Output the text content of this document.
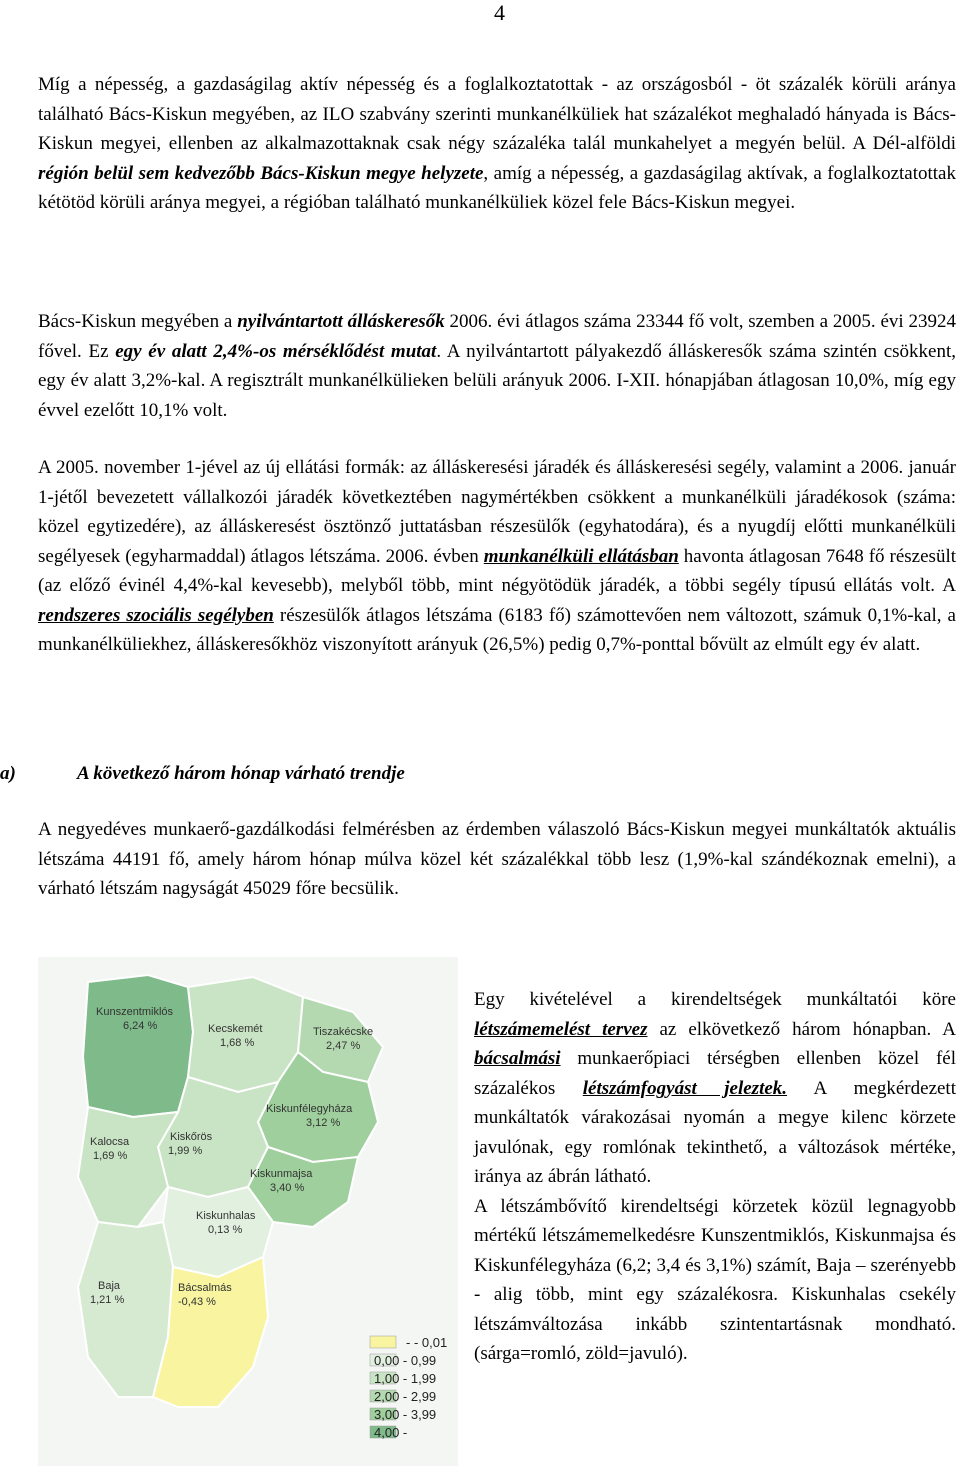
4

Míg a népesség, a gazdaságilag aktív népesség és a foglalkoztatottak - az országosból - öt százalék körüli aránya található Bács-Kiskun megyében, az ILO szabvány szerinti munkanélküliek hat százalékot meghaladó hányada is Bács-Kiskun megyei, ellenben az alkalmazottaknak csak négy százaléka talál munkahelyet a megyén belül. A Dél-alföldi régión belül sem kedvezőbb Bács-Kiskun megye helyzete, amíg a népesség, a gazdaságilag aktívak, a foglalkoztatottak kétötöd körüli aránya megyei, a régióban található munkanélküliek közel fele Bács-Kiskun megyei.

Bács-Kiskun megyében a nyilvántartott álláskeresők 2006. évi átlagos száma 23344 fő volt, szemben a 2005. évi 23924 fővel. Ez egy év alatt 2,4%-os mérséklődést mutat. A nyilvántartott pályakezdő álláskeresők száma szintén csökkent, egy év alatt 3,2%-kal. A regisztrált munkanélkülieken belüli arányuk 2006. I-XII. hónapjában átlagosan 10,0%, míg egy évvel ezelőtt 10,1% volt.

A 2005. november 1-jével az új ellátási formák: az álláskeresési járadék és álláskeresési segély, valamint a 2006. január 1-jétől bevezetett vállalkozói járadék következtében nagymértékben csökkent a munkanélküli járadékosok (száma: közel egytizedére), az álláskeresést ösztönző juttatásban részesülők (egyhatodára), és a nyugdíj előtti munkanélküli segélyesek (egyharmaddal) átlagos létszáma. 2006. évben munkanélküli ellátásban havonta átlagosan 7648 fő részesült (az előző évinél 4,4%-kal kevesebb), melyből több, mint négyötödük járadék, a többi segély típusú ellátás volt. A rendszeres szociális segélyben részesülők átlagos létszáma (6183 fő) számottevően nem változott, számuk 0,1%-kal, a munkanélküliekhez, álláskeresőkhöz viszonyított arányuk (26,5%) pedig 0,7%-ponttal bővült az elmúlt egy év alatt.

a)	A következő három hónap várható trendje

A negyedéves munkaerő-gazdálkodási felmérésben az érdemben válaszoló Bács-Kiskun megyei munkáltatók aktuális létszáma 44191 fő, amely három hónap múlva közel két százalékkal több lesz (1,9%-kal szándékoznak emelni), a várható létszám nagyságát 45029 főre becsülik.

Kunszentmiklós
6,24 %	Kecskemét
1,68 %
Tiszakécske
2,47 %
Kiskunfélegyháza
3,12 %
Kiskőrös
1,99 %
Kalocsa
1,69 %
Kiskunmajsa
3,40 %
Kiskunhalas
0,13 %
Baja
1,21 %
Bácsalmás
-0,43 %
- - 0,01
0,00 - 0,99
1,00 - 1,99
2,00 - 2,99
3,00 - 3,99
4,00 -

Egy kivételével a kirendeltségek munkáltatói köre létszámemelést tervez az elkövetkező három hónapban. A bácsalmási munkaerőpiaci térségben ellenben közel fél százalékos létszámfogyást jeleztek. A megkérdezett munkáltatók várakozásai nyomán a megye kilenc körzete javulónak, egy romlónak tekinthető, a változások mértéke, iránya az ábrán látható.

A létszámbővítő kirendeltségi körzetek közül legnagyobb mértékű létszámemelkedésre Kunszentmiklós, Kiskunmajsa és Kiskunfélegyháza (6,2; 3,4 és 3,1%) számít, Baja – szerényebb - alig több, mint egy százalékosra. Kiskunhalas csekély létszámváltozása inkább szintentartásnak mondható. (sárga=romló, zöld=javuló).
